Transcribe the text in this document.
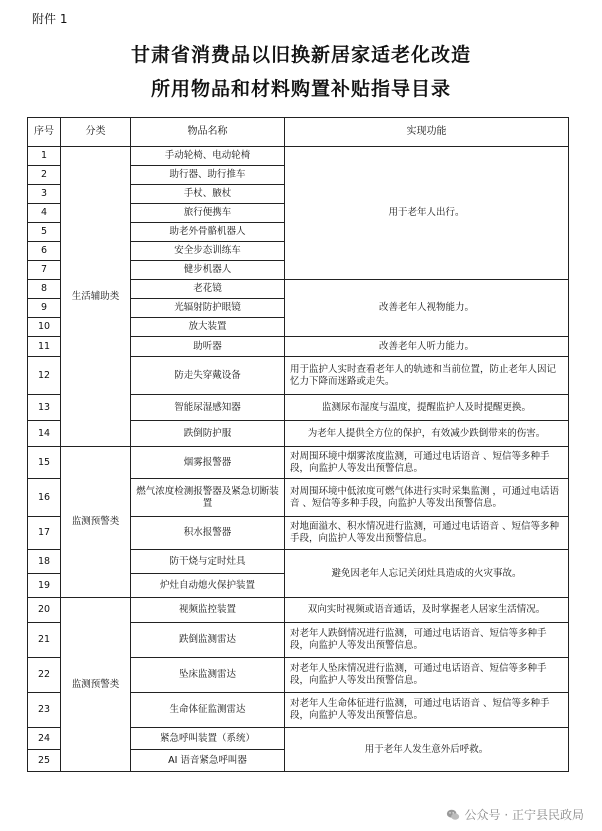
附件 1
甘肃省消费品以旧换新居家适老化改造
所用物品和材料购置补贴指导目录
序号	分类	物品名称	实现功能
1	生活辅助类	手动轮椅、电动轮椅	用于老年人出行。
2		助行器、助行推车	
3		手杖、腋杖	
4		旅行便携车	
5		助老外骨骼机器人	
6		安全步态训练车	
7		健步机器人	
8		老花镜	改善老年人视物能力。
9		光辐射防护眼镜	
10		放大装置	
11		助听器	改善老年人听力能力。
12		防走失穿戴设备	用于监护人实时查看老年人的轨迹和当前位置，防止老年人因记忆力下降而迷路或走失。
13		智能尿湿感知器	监测尿布湿度与温度，提醒监护人及时提醒更换。
14		跌倒防护服	为老年人提供全方位的保护，有效减少跌倒带来的伤害。
15	监测预警类	烟雾报警器	对周围环境中烟雾浓度监测，可通过电话语音 、短信等多种手段，向监护人等发出预警信息。
16		燃气浓度检测报警器及紧急切断装置	对周围环境中低浓度可燃气体进行实时采集监测 ，可通过电话语音 、短信等多种手段，向监护人等发出预警信息。
17		积水报警器	对地面溢水、积水情况进行监测，可通过电话语音 、短信等多种手段，向监护人等发出预警信息。
18		防干烧与定时灶具	避免因老年人忘记关闭灶具造成的火灾事故。
19		炉灶自动熄火保护装置	
20	监测预警类	视频监控装置	双向实时视频或语音通话，及时掌握老人居家生活情况。
21		跌倒监测雷达	对老年人跌倒情况进行监测，可通过电话语音、短信等多种手段，向监护人等发出预警信息。
22		坠床监测雷达	对老年人坠床情况进行监测，可通过电话语音、短信等多种手段，向监护人等发出预警信息。
23		生命体征监测雷达	对老年人生命体征进行监测，可通过电话语音 、短信等多种手段，向监护人等发出预警信息。
24		紧急呼叫装置（系统）	用于老年人发生意外后呼救。
25		AI 语音紧急呼叫器	
公众号 · 正宁县民政局
